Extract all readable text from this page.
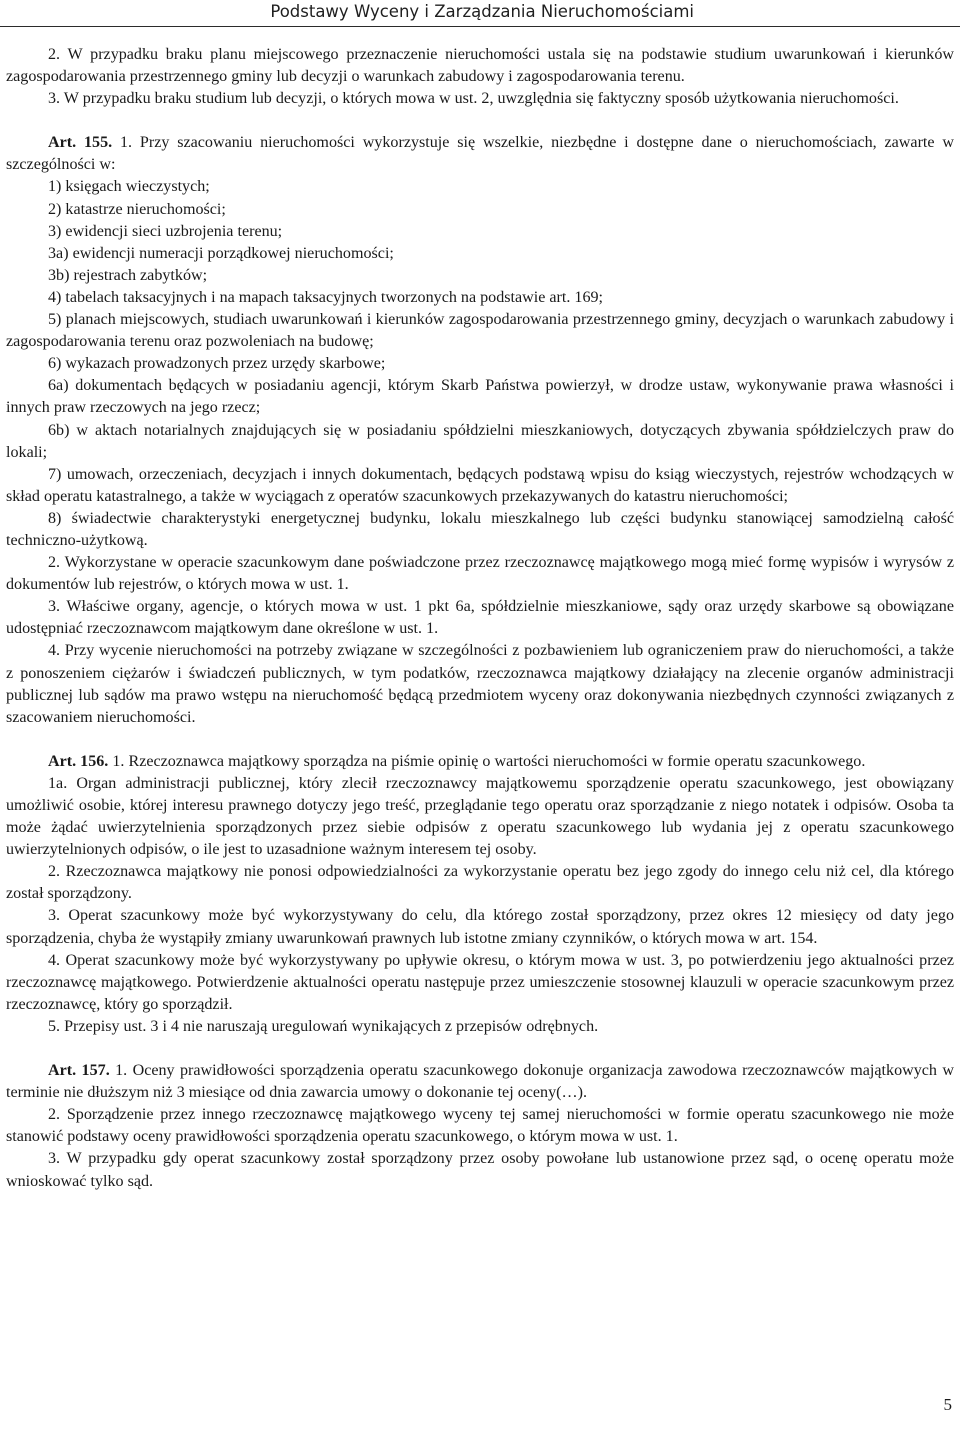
Podstawy Wyceny i Zarządzania Nieruchomościami

2. W przypadku braku planu miejscowego przeznaczenie nieruchomości ustala się na podstawie studium uwarunkowań i kierunków zagospodarowania przestrzennego gminy lub decyzji o warunkach zabudowy i zagospodarowania terenu.

3. W przypadku braku studium lub decyzji, o których mowa w ust. 2, uwzględnia się faktyczny sposób użytkowania nieruchomości.

Art. 155. 1. Przy szacowaniu nieruchomości wykorzystuje się wszelkie, niezbędne i dostępne dane o nieruchomościach, zawarte w szczególności w:

1) księgach wieczystych;

2) katastrze nieruchomości;

3) ewidencji sieci uzbrojenia terenu;

3a) ewidencji numeracji porządkowej nieruchomości;

3b) rejestrach zabytków;

4) tabelach taksacyjnych i na mapach taksacyjnych tworzonych na podstawie art. 169;

5) planach miejscowych, studiach uwarunkowań i kierunków zagospodarowania przestrzennego gminy, decyzjach o warunkach zabudowy i zagospodarowania terenu oraz pozwoleniach na budowę;

6) wykazach prowadzonych przez urzędy skarbowe;

6a) dokumentach będących w posiadaniu agencji, którym Skarb Państwa powierzył, w drodze ustaw, wykonywanie prawa własności i innych praw rzeczowych na jego rzecz;

6b) w aktach notarialnych znajdujących się w posiadaniu spółdzielni mieszkaniowych, dotyczących zbywania spółdzielczych praw do lokali;

7) umowach, orzeczeniach, decyzjach i innych dokumentach, będących podstawą wpisu do ksiąg wieczystych, rejestrów wchodzących w skład operatu katastralnego, a także w wyciągach z operatów szacunkowych przekazywanych do katastru nieruchomości;

8) świadectwie charakterystyki energetycznej budynku, lokalu mieszkalnego lub części budynku stanowiącej samodzielną całość techniczno-użytkową.

2. Wykorzystane w operacie szacunkowym dane poświadczone przez rzeczoznawcę majątkowego mogą mieć formę wypisów i wyrysów z dokumentów lub rejestrów, o których mowa w ust. 1.

3. Właściwe organy, agencje, o których mowa w ust. 1 pkt 6a, spółdzielnie mieszkaniowe, sądy oraz urzędy skarbowe są obowiązane udostępniać rzeczoznawcom majątkowym dane określone w ust. 1.

4. Przy wycenie nieruchomości na potrzeby związane w szczególności z pozbawieniem lub ograniczeniem praw do nieruchomości, a także z ponoszeniem ciężarów i świadczeń publicznych, w tym podatków, rzeczoznawca majątkowy działający na zlecenie organów administracji publicznej lub sądów ma prawo wstępu na nieruchomość będącą przedmiotem wyceny oraz dokonywania niezbędnych czynności związanych z szacowaniem nieruchomości.

Art. 156. 1. Rzeczoznawca majątkowy sporządza na piśmie opinię o wartości nieruchomości w formie operatu szacunkowego.

1a. Organ administracji publicznej, który zlecił rzeczoznawcy majątkowemu sporządzenie operatu szacunkowego, jest obowiązany umożliwić osobie, której interesu prawnego dotyczy jego treść, przeglądanie tego operatu oraz sporządzanie z niego notatek i odpisów. Osoba ta może żądać uwierzytelnienia sporządzonych przez siebie odpisów z operatu szacunkowego lub wydania jej z operatu szacunkowego uwierzytelnionych odpisów, o ile jest to uzasadnione ważnym interesem tej osoby.

2. Rzeczoznawca majątkowy nie ponosi odpowiedzialności za wykorzystanie operatu bez jego zgody do innego celu niż cel, dla którego został sporządzony.

3. Operat szacunkowy może być wykorzystywany do celu, dla którego został sporządzony, przez okres 12 miesięcy od daty jego sporządzenia, chyba że wystąpiły zmiany uwarunkowań prawnych lub istotne zmiany czynników, o których mowa w art. 154.

4. Operat szacunkowy może być wykorzystywany po upływie okresu, o którym mowa w ust. 3, po potwierdzeniu jego aktualności przez rzeczoznawcę majątkowego. Potwierdzenie aktualności operatu następuje przez umieszczenie stosownej klauzuli w operacie szacunkowym przez rzeczoznawcę, który go sporządził.

5. Przepisy ust. 3 i 4 nie naruszają uregulowań wynikających z przepisów odrębnych.

Art. 157. 1. Oceny prawidłowości sporządzenia operatu szacunkowego dokonuje organizacja zawodowa rzeczoznawców majątkowych w terminie nie dłuższym niż 3 miesiące od dnia zawarcia umowy o dokonanie tej oceny(…).

2. Sporządzenie przez innego rzeczoznawcę majątkowego wyceny tej samej nieruchomości w formie operatu szacunkowego nie może stanowić podstawy oceny prawidłowości sporządzenia operatu szacunkowego, o którym mowa w ust. 1.

3. W przypadku gdy operat szacunkowy został sporządzony przez osoby powołane lub ustanowione przez sąd, o ocenę operatu może wnioskować tylko sąd.

5
